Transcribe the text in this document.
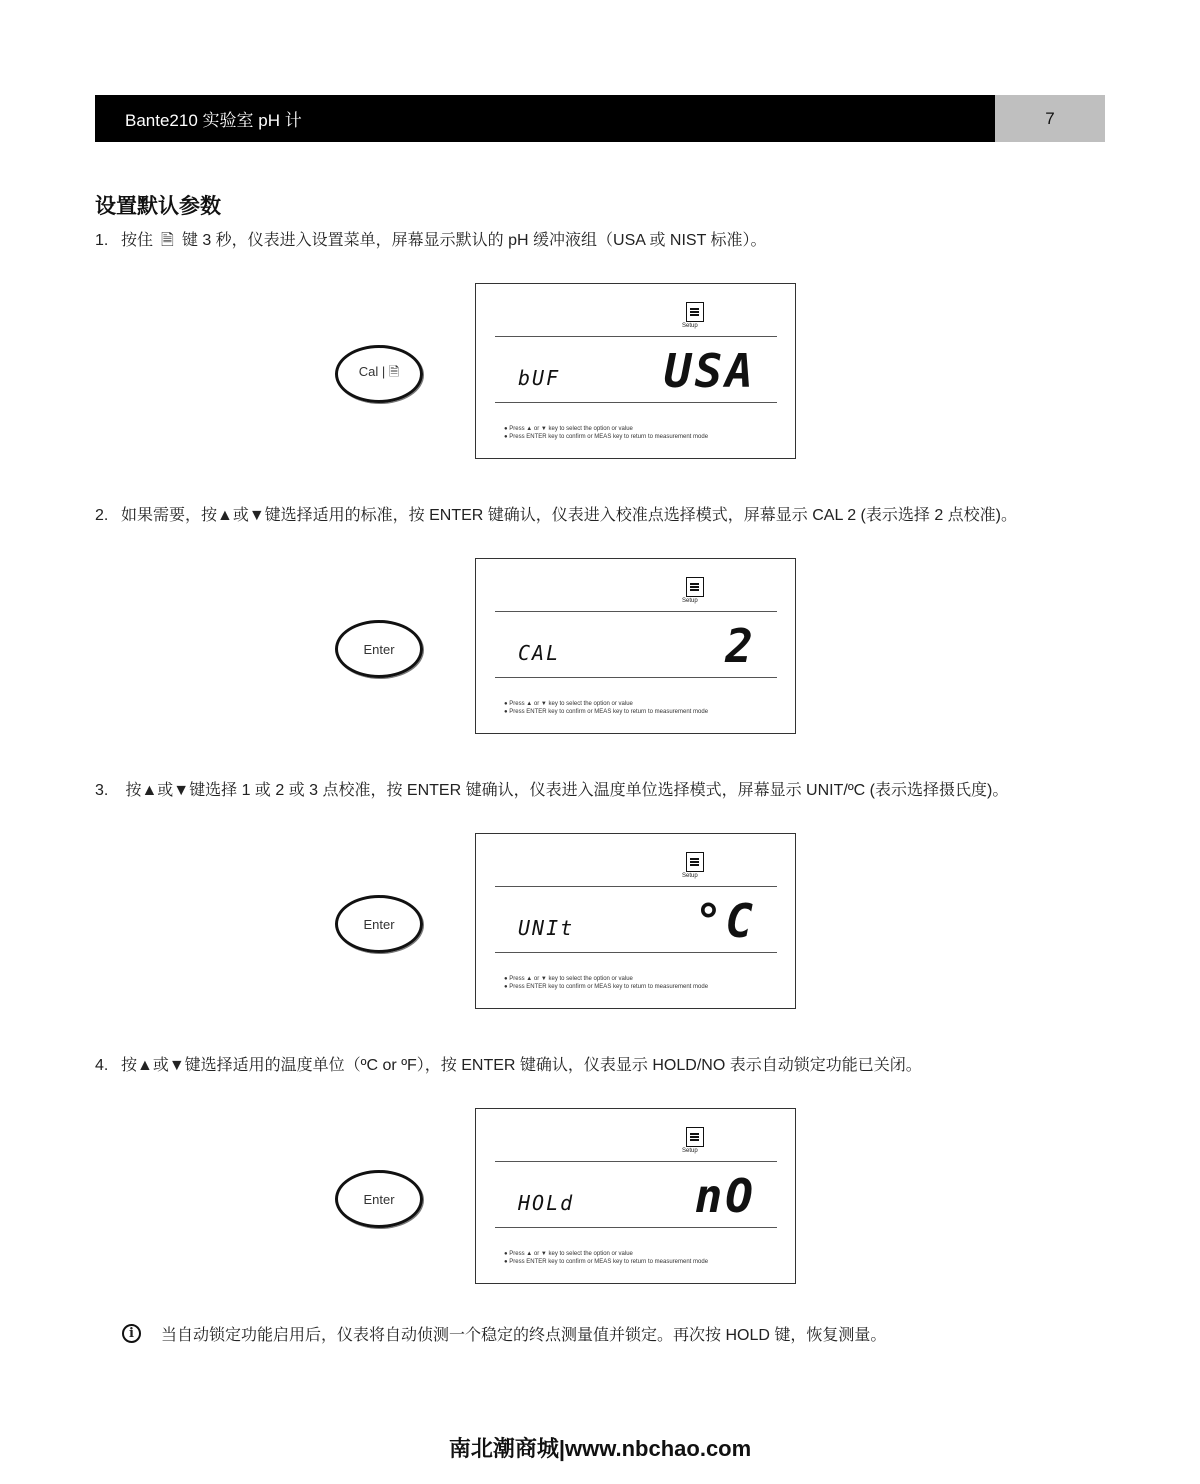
Bante210 实验室 pH 计	7
设置默认参数
1. 按住 🗎 键 3 秒，仪表进入设置菜单，屏幕显示默认的 pH 缓冲液组（USA 或 NIST 标准）。
Cal | 🗎
Setup
bUF	USA
● Press ▲ or ▼ key to select the option or value
● Press ENTER key to confirm or MEAS key to return to measurement mode
2. 如果需要，按▲或▼键选择适用的标准，按 ENTER 键确认，仪表进入校准点选择模式，屏幕显示 CAL 2 (表示选择 2 点校准)。
Enter
Setup
CAL	2
● Press ▲ or ▼ key to select the option or value
● Press ENTER key to confirm or MEAS key to return to measurement mode
3. 按▲或▼键选择 1 或 2 或 3 点校准，按 ENTER 键确认，仪表进入温度单位选择模式，屏幕显示 UNIT/ºC (表示选择摄氏度)。
Enter
Setup
UNIt	°C
● Press ▲ or ▼ key to select the option or value
● Press ENTER key to confirm or MEAS key to return to measurement mode
4. 按▲或▼键选择适用的温度单位（ºC or ºF），按 ENTER 键确认，仪表显示 HOLD/NO 表示自动锁定功能已关闭。
Enter
Setup
HOLd	nO
● Press ▲ or ▼ key to select the option or value
● Press ENTER key to confirm or MEAS key to return to measurement mode
i	当自动锁定功能启用后，仪表将自动侦测一个稳定的终点测量值并锁定。再次按 HOLD 键，恢复测量。
南北潮商城|www.nbchao.com
